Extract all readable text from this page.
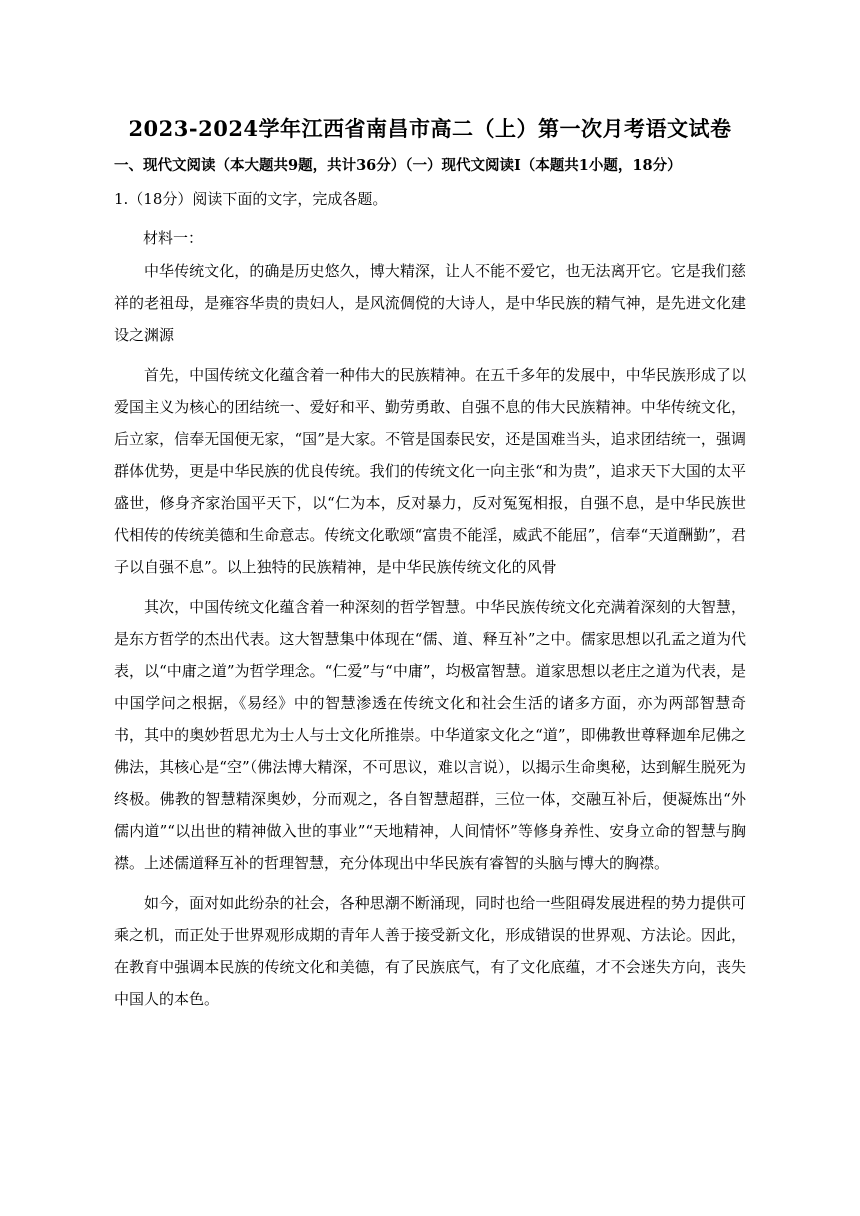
2023-2024学年江西省南昌市高二（上）第一次月考语文试卷
一、现代文阅读（本大题共9题，共计36分）（一）现代文阅读Ⅰ（本题共1小题，18分）
1.（18分）阅读下面的文字，完成各题。
材料一：

中华传统文化，的确是历史悠久，博大精深，让人不能不爱它，也无法离开它。它是我们慈祥的老祖母，是雍容华贵的贵妇人，是风流倜傥的大诗人，是中华民族的精气神，是先进文化建设之渊源

首先，中国传统文化蕴含着一种伟大的民族精神。在五千多年的发展中，中华民族形成了以爱国主义为核心的团结统一、爱好和平、勤劳勇敢、自强不息的伟大民族精神。中华传统文化，后立家，信奉无国便无家，“国”是大家。不管是国泰民安，还是国难当头，追求团结统一，强调群体优势，更是中华民族的优良传统。我们的传统文化一向主张“和为贵”，追求天下大国的太平盛世，修身齐家治国平天下，以“仁为本，反对暴力，反对冤冤相报，自强不息，是中华民族世代相传的传统美德和生命意志。传统文化歌颂“富贵不能淫，威武不能屈”，信奉“天道酬勤”，君子以自强不息”。以上独特的民族精神，是中华民族传统文化的风骨

其次，中国传统文化蕴含着一种深刻的哲学智慧。中华民族传统文化充满着深刻的大智慧，是东方哲学的杰出代表。这大智慧集中体现在“儒、道、释互补”之中。儒家思想以孔孟之道为代表，以“中庸之道”为哲学理念。“仁爱”与“中庸”，均极富智慧。道家思想以老庄之道为代表，是中国学问之根据，《易经》中的智慧渗透在传统文化和社会生活的诸多方面，亦为两部智慧奇书，其中的奥妙哲思尤为士人与士文化所推崇。中华道家文化之“道”，即佛教世尊释迦牟尼佛之佛法，其核心是“空”（佛法博大精深，不可思议，难以言说），以揭示生命奥秘，达到解生脱死为终极。佛教的智慧精深奥妙，分而观之，各自智慧超群，三位一体，交融互补后，便凝炼出“外儒内道”“以出世的精神做入世的事业”“天地精神，人间情怀”等修身养性、安身立命的智慧与胸襟。上述儒道释互补的哲理智慧，充分体现出中华民族有睿智的头脑与博大的胸襟。

如今，面对如此纷杂的社会，各种思潮不断涌现，同时也给一些阻碍发展进程的势力提供可乘之机，而正处于世界观形成期的青年人善于接受新文化，形成错误的世界观、方法论。因此，在教育中强调本民族的传统文化和美德，有了民族底气，有了文化底蕴，才不会迷失方向，丧失中国人的本色。
